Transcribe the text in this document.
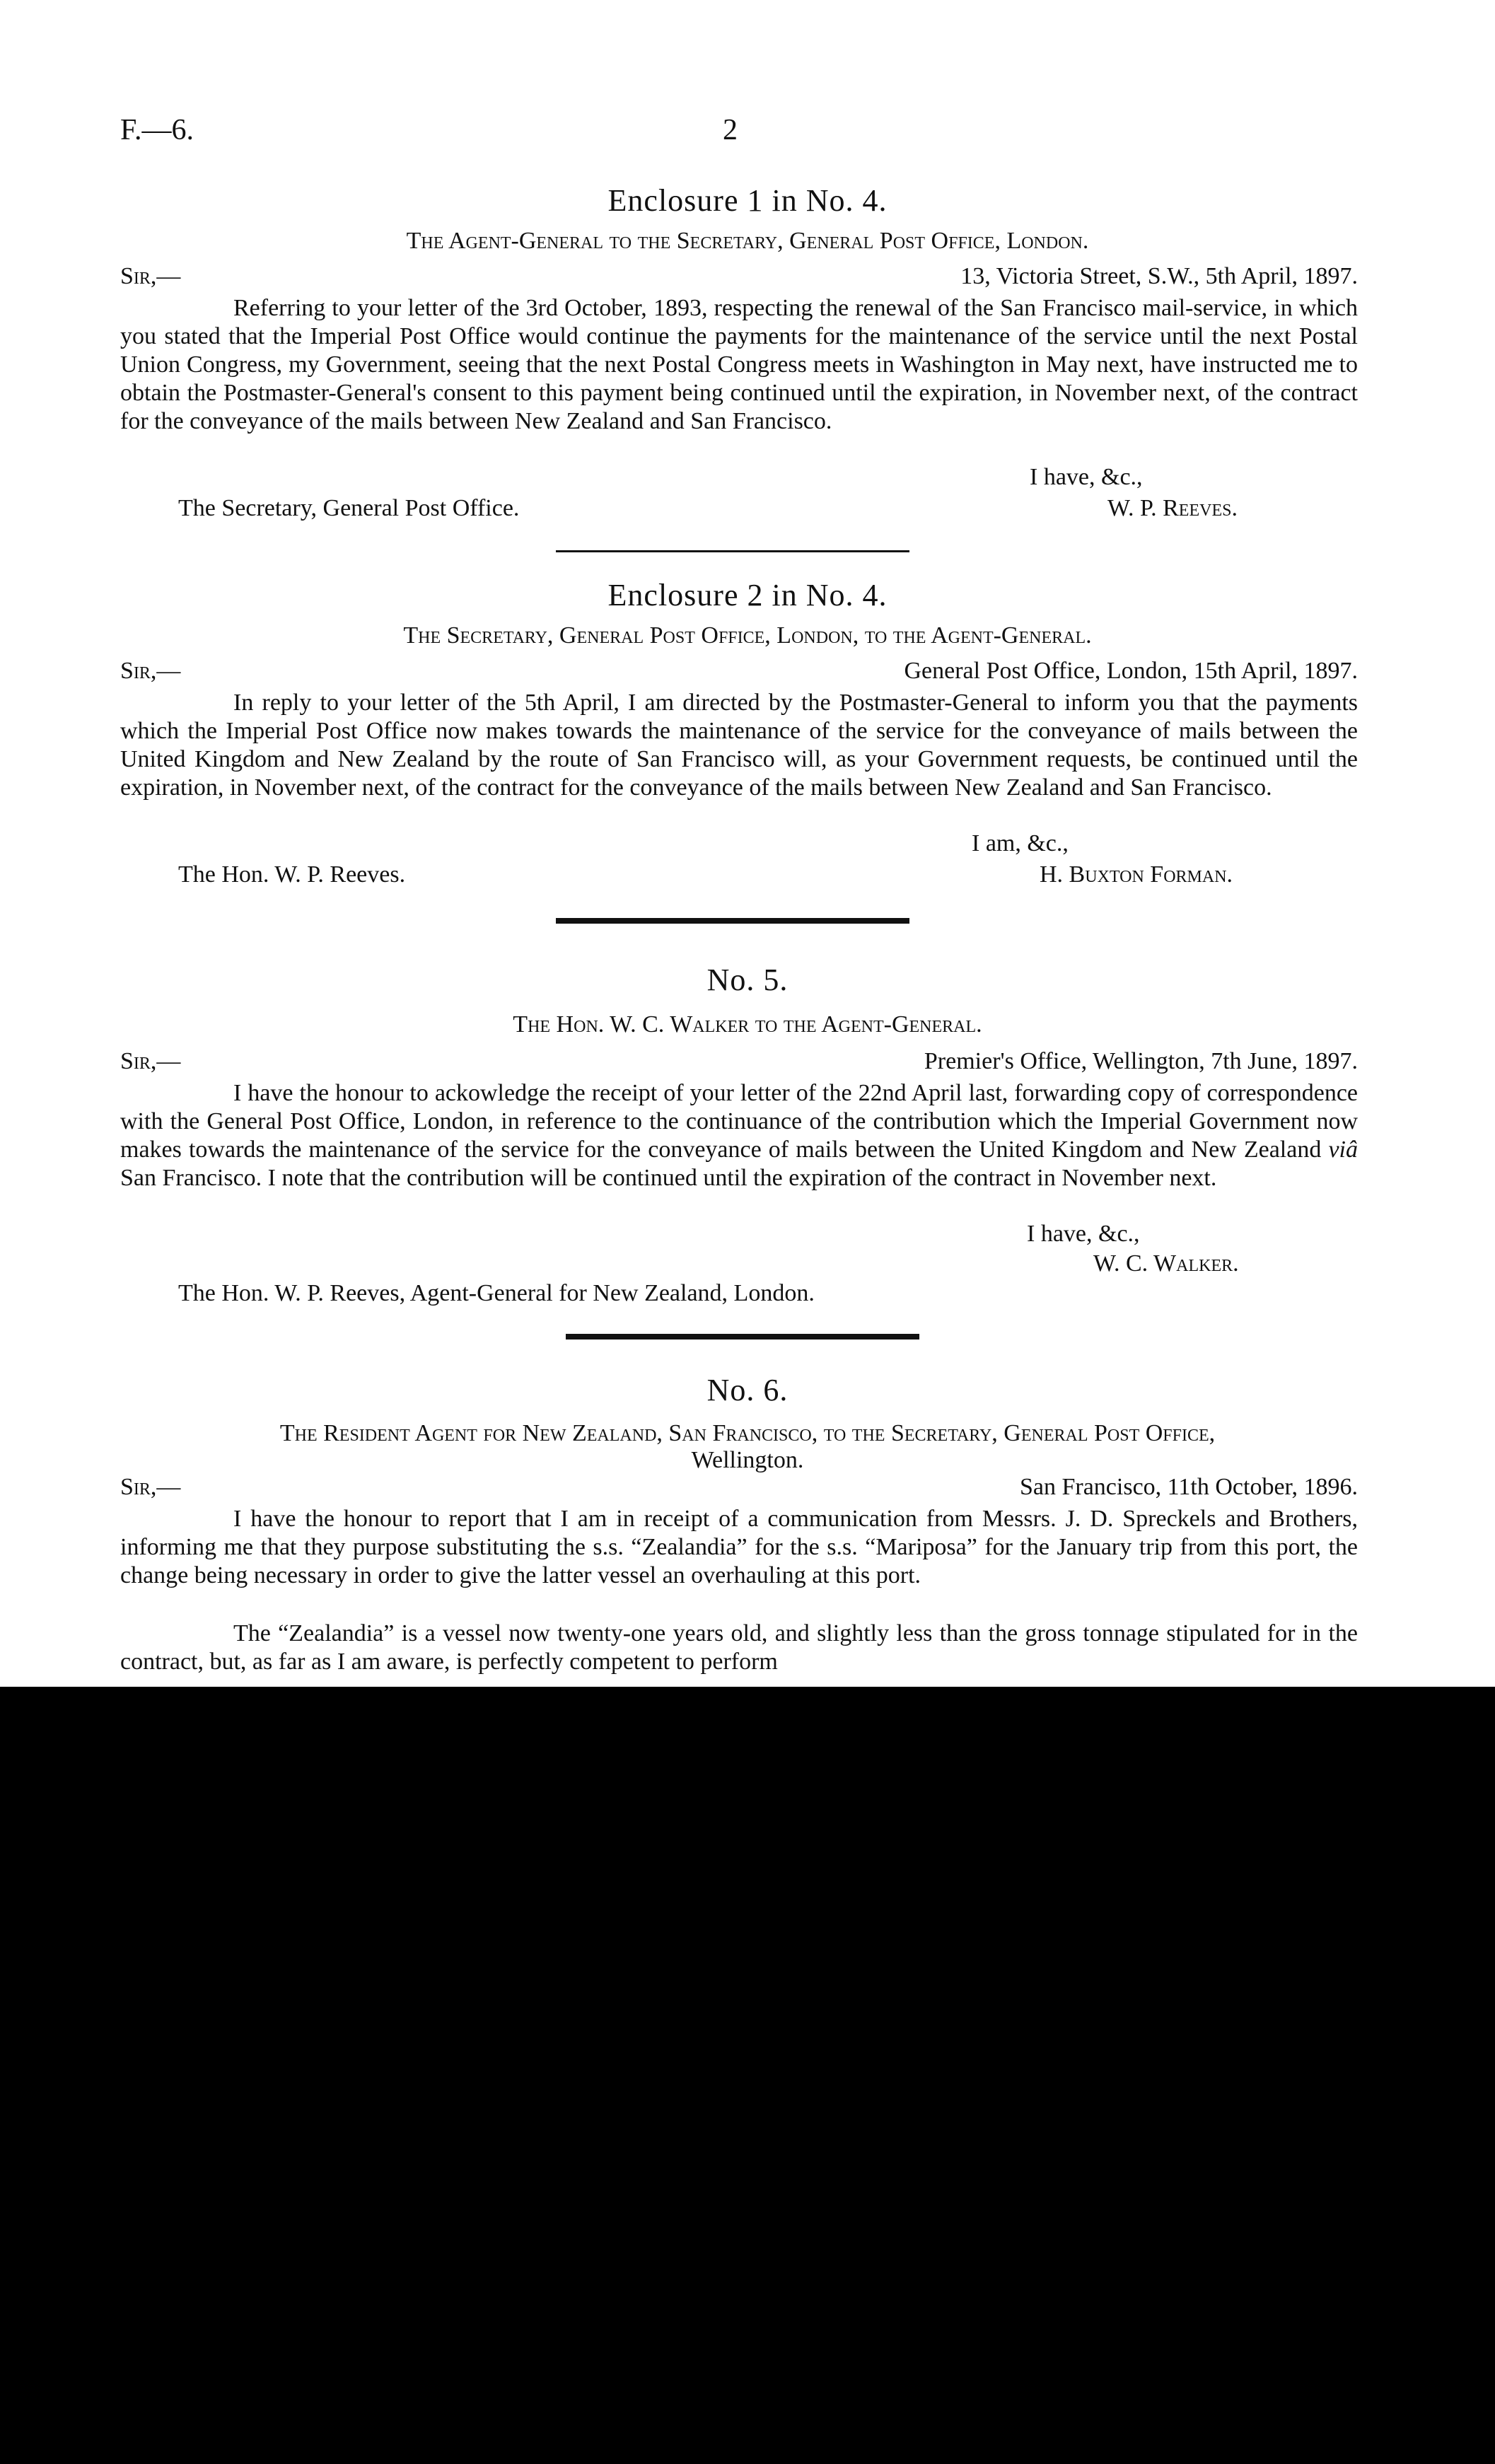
F.—6.	2
Enclosure 1 in No. 4.
The Agent-General to the Secretary, General Post Office, London.
Sir,—	13, Victoria Street, S.W., 5th April, 1897.
Referring to your letter of the 3rd October, 1893, respecting the renewal of the San Francisco mail-service, in which you stated that the Imperial Post Office would continue the payments for the maintenance of the service until the next Postal Union Congress, my Government, seeing that the next Postal Congress meets in Washington in May next, have instructed me to obtain the Postmaster-General's consent to this payment being continued until the expiration, in November next, of the contract for the conveyance of the mails between New Zealand and San Francisco.
I have, &c.,
The Secretary, General Post Office.	W. P. Reeves.
Enclosure 2 in No. 4.
The Secretary, General Post Office, London, to the Agent-General.
Sir,—	General Post Office, London, 15th April, 1897.
In reply to your letter of the 5th April, I am directed by the Postmaster-General to inform you that the payments which the Imperial Post Office now makes towards the maintenance of the service for the conveyance of mails between the United Kingdom and New Zealand by the route of San Francisco will, as your Government requests, be continued until the expiration, in November next, of the contract for the conveyance of the mails between New Zealand and San Francisco.
I am, &c.,
The Hon. W. P. Reeves.	H. Buxton Forman.
No. 5.
The Hon. W. C. Walker to the Agent-General.
Sir,—	Premier's Office, Wellington, 7th June, 1897.
I have the honour to ackowledge the receipt of your letter of the 22nd April last, forwarding copy of correspondence with the General Post Office, London, in reference to the continuance of the contribution which the Imperial Government now makes towards the maintenance of the service for the conveyance of mails between the United Kingdom and New Zealand viâ San Francisco. I note that the contribution will be continued until the expiration of the contract in November next.
I have, &c.,
W. C. Walker.
The Hon. W. P. Reeves, Agent-General for New Zealand, London.
No. 6.
The Resident Agent for New Zealand, San Francisco, to the Secretary, General Post Office,
Wellington.
Sir,—	San Francisco, 11th October, 1896.
I have the honour to report that I am in receipt of a communication from Messrs. J. D. Spreckels and Brothers, informing me that they purpose substituting the s.s. “Zealandia” for the s.s. “Mariposa” for the January trip from this port, the change being necessary in order to give the latter vessel an overhauling at this port.
The “Zealandia” is a vessel now twenty-one years old, and slightly less than the gross tonnage stipulated for in the contract, but, as far as I am aware, is perfectly competent to perform
